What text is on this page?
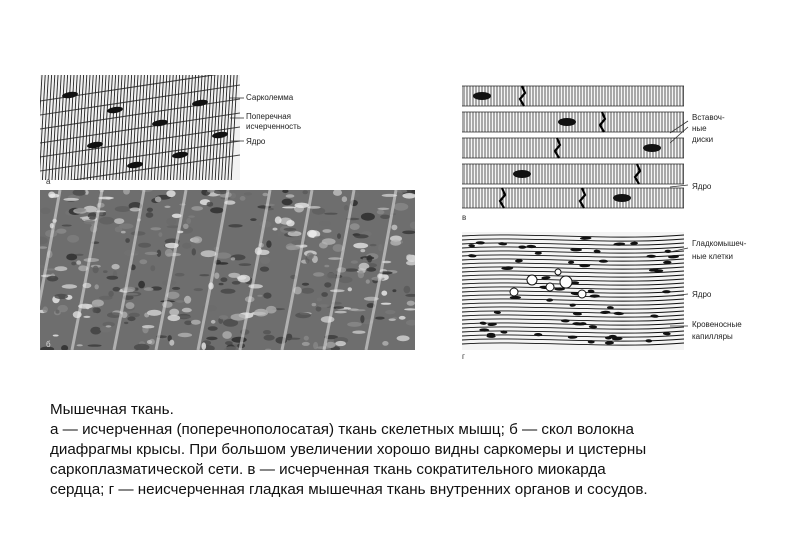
а
Сарколемма
Поперечная
исчерченность
Ядро
б
в
Вставоч-
ные
диски
Ядро
г
Гладкомышеч-
ные клетки
Ядро
Кровеносные
капилляры
Мышечная ткань.
а — исчерченная (поперечнополосатая) ткань скелетных мышц; б — скол волокна
диафрагмы крысы. При большом увеличении хорошо видны саркомеры и цистерны
саркоплазматической сети. в — исчерченная ткань сократительного миокарда
сердца; г — неисчерченная гладкая мышечная ткань внутренних органов и сосудов.
